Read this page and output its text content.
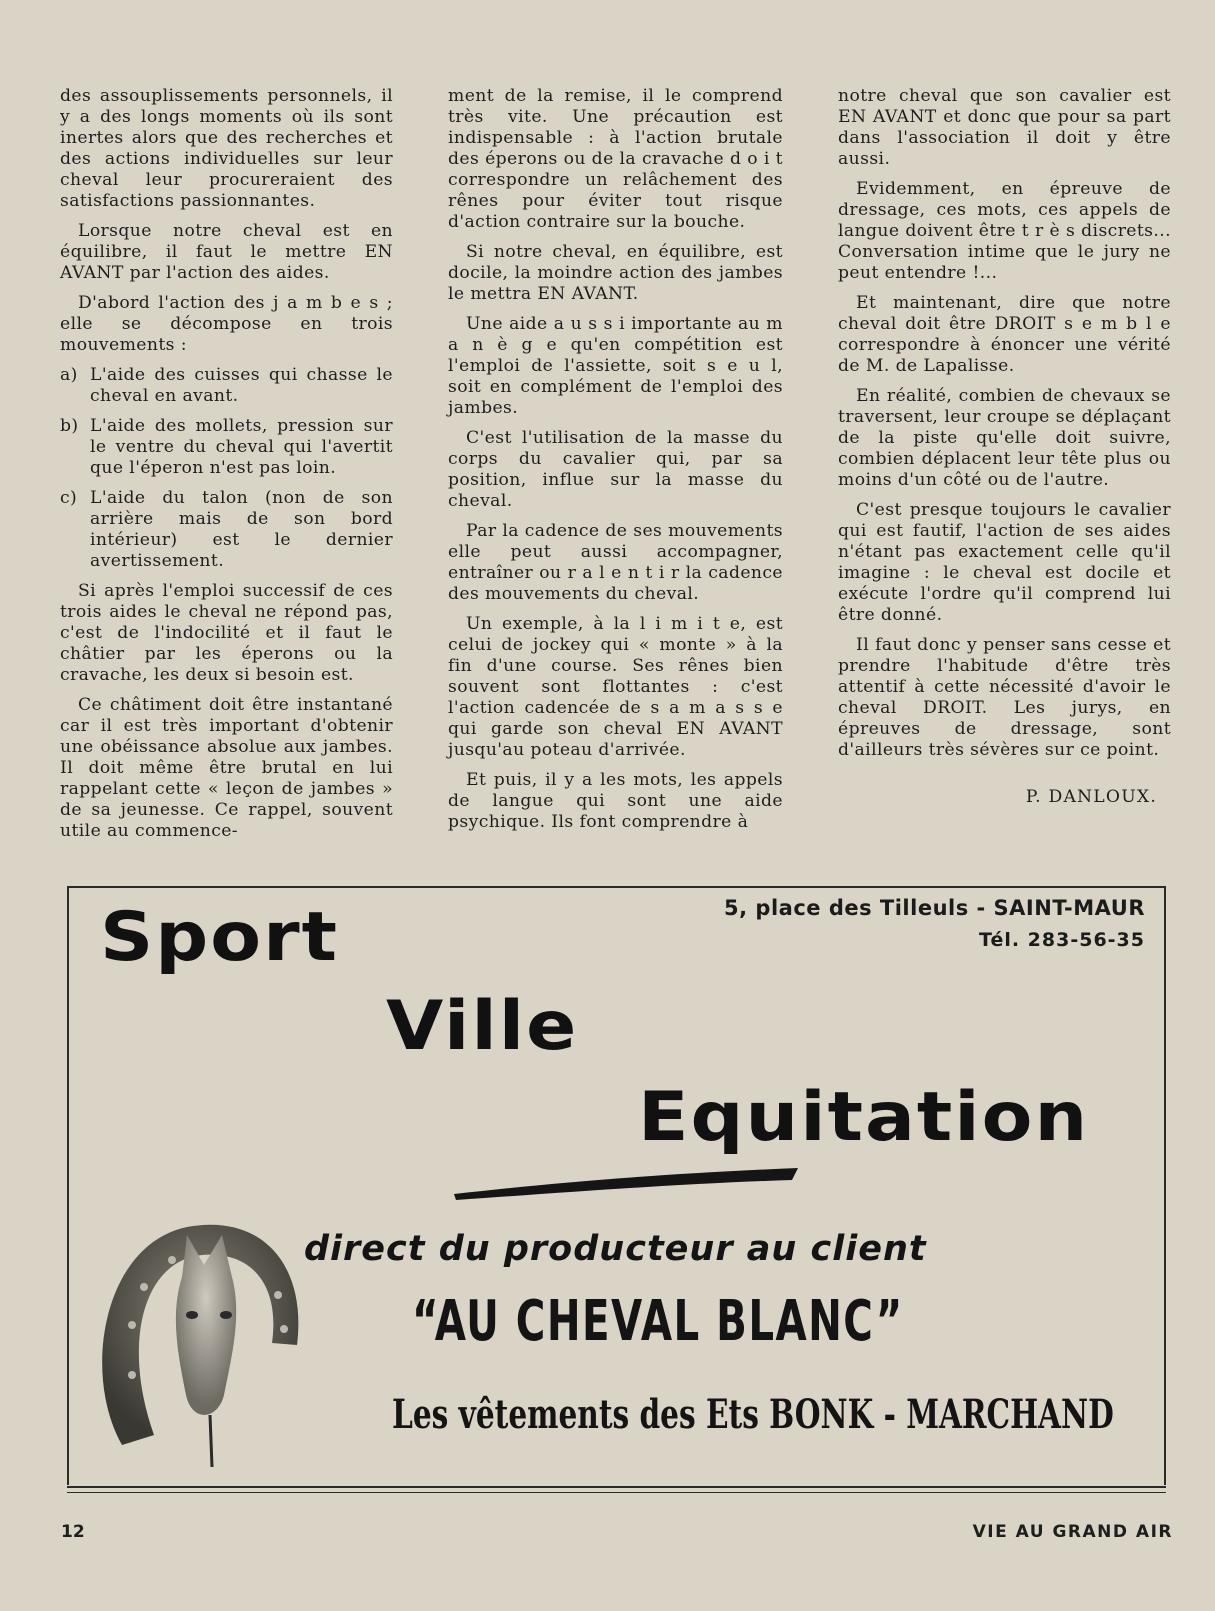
des assouplissements personnels, il y a des longs moments où ils sont inertes alors que des recherches et des actions individuelles sur leur cheval leur procureraient des satisfactions passionnantes.

Lorsque notre cheval est en équilibre, il faut le mettre EN AVANT par l'action des aides.

D'abord l'action des j a m b e s ; elle se décompose en trois mouvements :

a) L'aide des cuisses qui chasse le cheval en avant.
b) L'aide des mollets, pression sur le ventre du cheval qui l'avertit que l'éperon n'est pas loin.
c) L'aide du talon (non de son arrière mais de son bord intérieur) est le dernier avertissement.

Si après l'emploi successif de ces trois aides le cheval ne répond pas, c'est de l'indocilité et il faut le châtier par les éperons ou la cravache, les deux si besoin est.

Ce châtiment doit être instantané car il est très important d'obtenir une obéissance absolue aux jambes. Il doit même être brutal en lui rappelant cette « leçon de jambes » de sa jeunesse. Ce rappel, souvent utile au commence-

ment de la remise, il le comprend très vite. Une précaution est indispensable : à l'action brutale des éperons ou de la cravache d o i t correspondre un relâchement des rênes pour éviter tout risque d'action contraire sur la bouche.

Si notre cheval, en équilibre, est docile, la moindre action des jambes le mettra EN AVANT.

Une aide a u s s i importante au m a n è g e qu'en compétition est l'emploi de l'assiette, soit s e u l, soit en complément de l'emploi des jambes.

C'est l'utilisation de la masse du corps du cavalier qui, par sa position, influe sur la masse du cheval.

Par la cadence de ses mouvements elle peut aussi accompagner, entraîner ou r a l e n t i r la cadence des mouvements du cheval.

Un exemple, à la l i m i t e, est celui de jockey qui « monte » à la fin d'une course. Ses rênes bien souvent sont flottantes : c'est l'action cadencée de s a m a s s e qui garde son cheval EN AVANT jusqu'au poteau d'arrivée.

Et puis, il y a les mots, les appels de langue qui sont une aide psychique. Ils font comprendre à

notre cheval que son cavalier est EN AVANT et donc que pour sa part dans l'association il doit y être aussi.

Evidemment, en épreuve de dressage, ces mots, ces appels de langue doivent être t r è s discrets... Conversation intime que le jury ne peut entendre !...

Et maintenant, dire que notre cheval doit être DROIT s e m b l e correspondre à énoncer une vérité de M. de Lapalisse.

En réalité, combien de chevaux se traversent, leur croupe se déplaçant de la piste qu'elle doit suivre, combien déplacent leur tête plus ou moins d'un côté ou de l'autre.

C'est presque toujours le cavalier qui est fautif, l'action de ses aides n'étant pas exactement celle qu'il imagine : le cheval est docile et exécute l'ordre qu'il comprend lui être donné.

Il faut donc y penser sans cesse et prendre l'habitude d'être très attentif à cette nécessité d'avoir le cheval DROIT. Les jurys, en épreuves de dressage, sont d'ailleurs très sévères sur ce point.

P. DANLOUX.
5, place des Tilleuls - SAINT-MAUR
Tél. 283-56-35
Sport
Ville
Equitation
direct du producteur au client
“AU CHEVAL BLANC”
Les vêtements des Ets BONK - MARCHAND
12	VIE AU GRAND AIR
